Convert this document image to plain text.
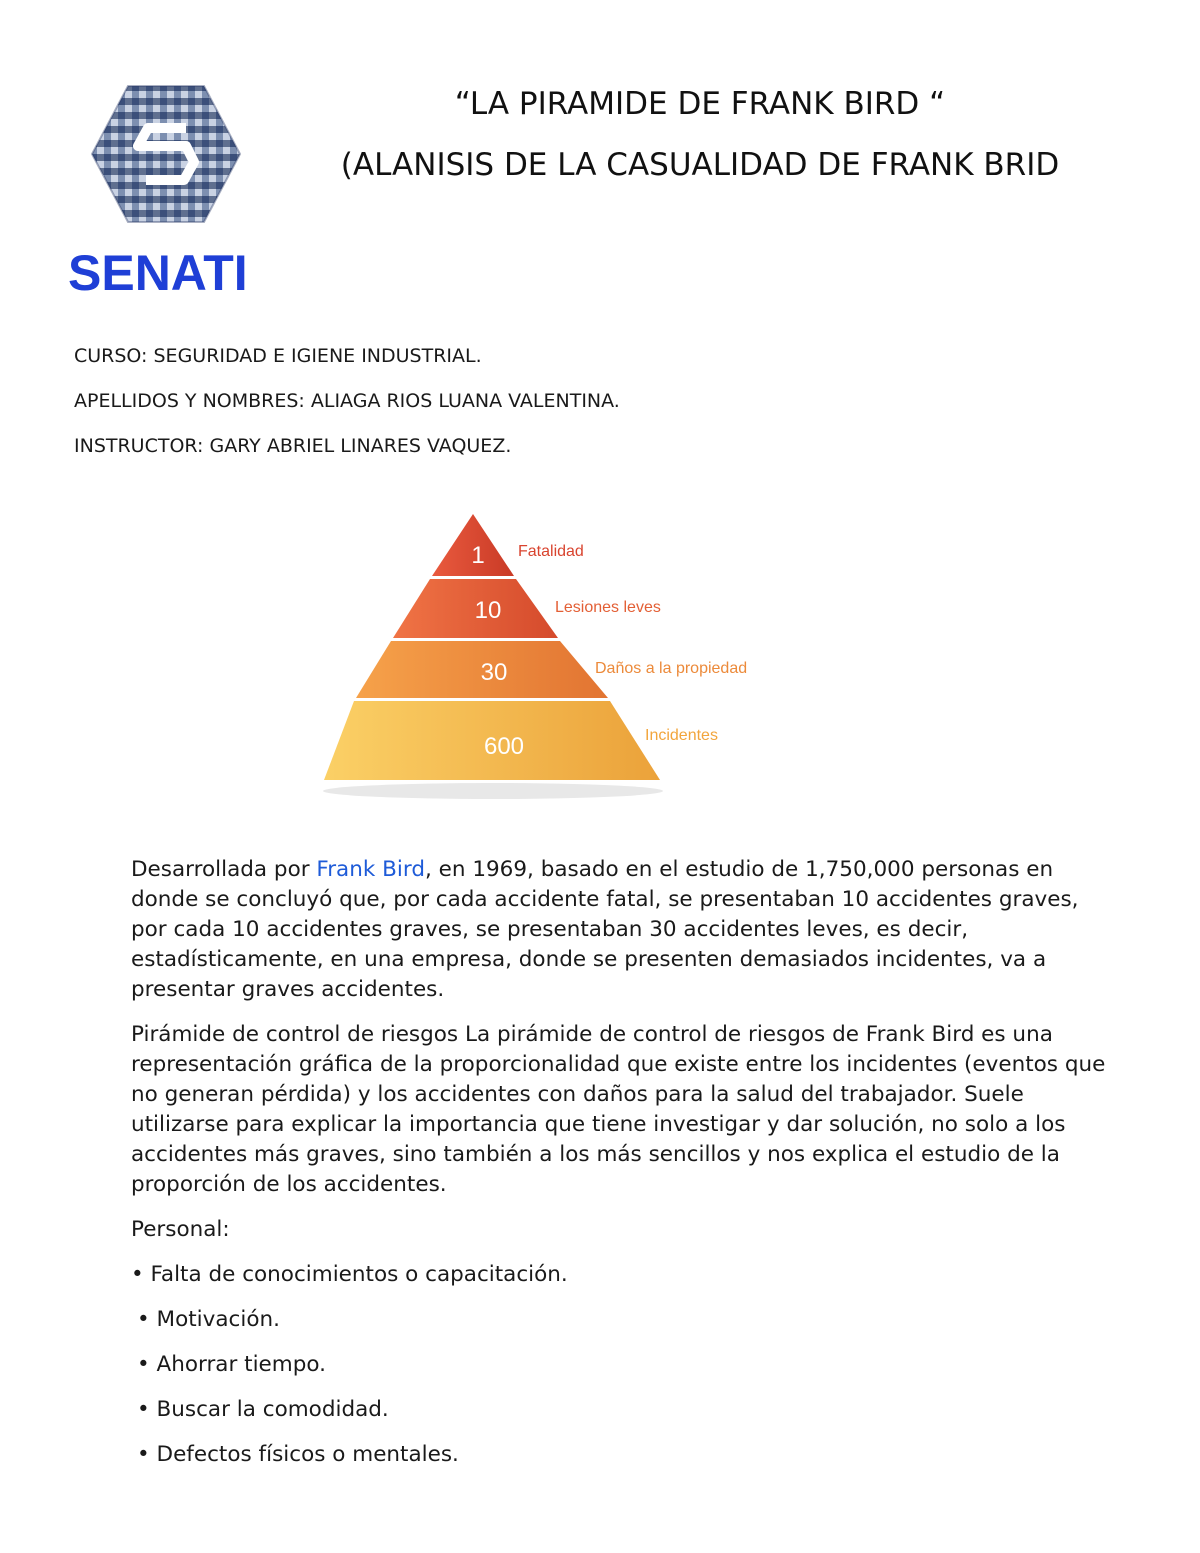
SENATI
“LA PIRAMIDE DE FRANK BIRD “
(ALANISIS DE LA CASUALIDAD DE FRANK BRID
CURSO: SEGURIDAD E IGIENE INDUSTRIAL.
APELLIDOS Y NOMBRES: ALIAGA RIOS LUANA VALENTINA.
INSTRUCTOR: GARY ABRIEL LINARES VAQUEZ.
1
10
30
600
Fatalidad
Lesiones leves
Daños a la propiedad
Incidentes

Desarrollada por Frank Bird, en 1969, basado en el estudio de 1,750,000 personas en donde se concluyó que, por cada accidente fatal, se presentaban 10 accidentes graves, por cada 10 accidentes graves, se presentaban 30 accidentes leves, es decir, estadísticamente, en una empresa, donde se presenten demasiados incidentes, va a presentar graves accidentes.

Pirámide de control de riesgos La pirámide de control de riesgos de Frank Bird es una representación gráfica de la proporcionalidad que existe entre los incidentes (eventos que no generan pérdida) y los accidentes con daños para la salud del trabajador. Suele utilizarse para explicar la importancia que tiene investigar y dar solución, no solo a los accidentes más graves, sino también a los más sencillos y nos explica el estudio de la proporción de los accidentes.

Personal:

• Falta de conocimientos o capacitación.
• Motivación.
• Ahorrar tiempo.
• Buscar la comodidad.
• Defectos físicos o mentales.
